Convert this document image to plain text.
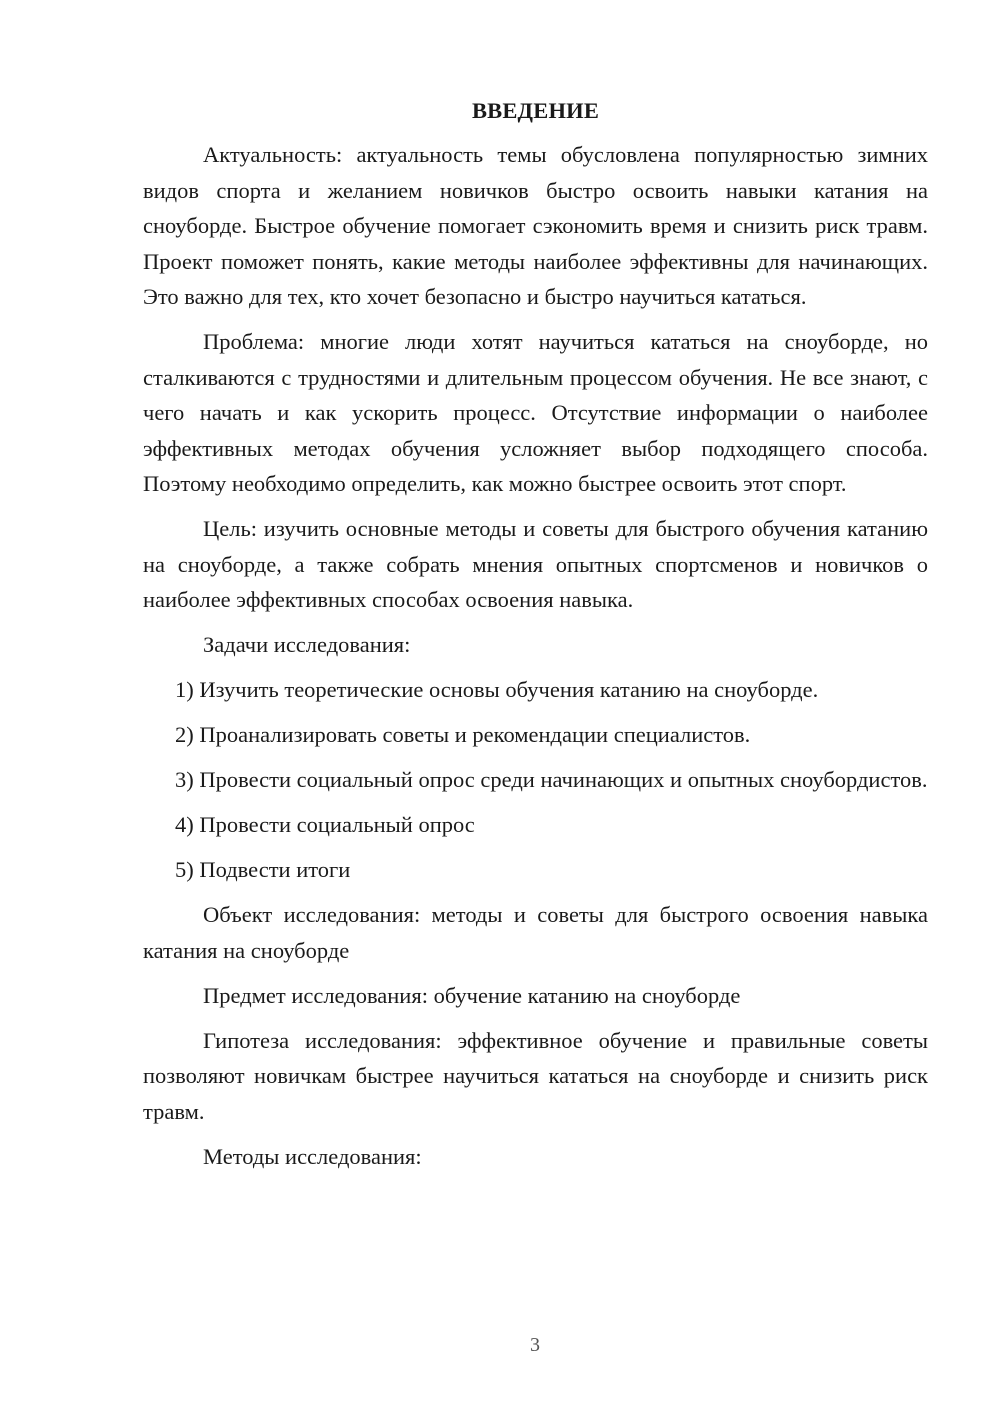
ВВЕДЕНИЕ

Актуальность: актуальность темы обусловлена популярностью зимних видов спорта и желанием новичков быстро освоить навыки катания на сноуборде. Быстрое обучение помогает сэкономить время и снизить риск травм. Проект поможет понять, какие методы наиболее эффективны для начинающих. Это важно для тех, кто хочет безопасно и быстро научиться кататься.

Проблема: многие люди хотят научиться кататься на сноуборде, но сталкиваются с трудностями и длительным процессом обучения. Не все знают, с чего начать и как ускорить процесс. Отсутствие информации о наиболее эффективных методах обучения усложняет выбор подходящего способа. Поэтому необходимо определить, как можно быстрее освоить этот спорт.

Цель: изучить основные методы и советы для быстрого обучения катанию на сноуборде, а также собрать мнения опытных спортсменов и новичков о наиболее эффективных способах освоения навыка.

Задачи исследования:

1) Изучить теоретические основы обучения катанию на сноуборде.

2) Проанализировать советы и рекомендации специалистов.

3) Провести социальный опрос среди начинающих и опытных сноубордистов.

4) Провести социальный опрос

5) Подвести итоги

Объект исследования: методы и советы для быстрого освоения навыка катания на сноуборде

Предмет исследования: обучение катанию на сноуборде

Гипотеза исследования: эффективное обучение и правильные советы позволяют новичкам быстрее научиться кататься на сноуборде и снизить риск травм.

Методы исследования:

3
